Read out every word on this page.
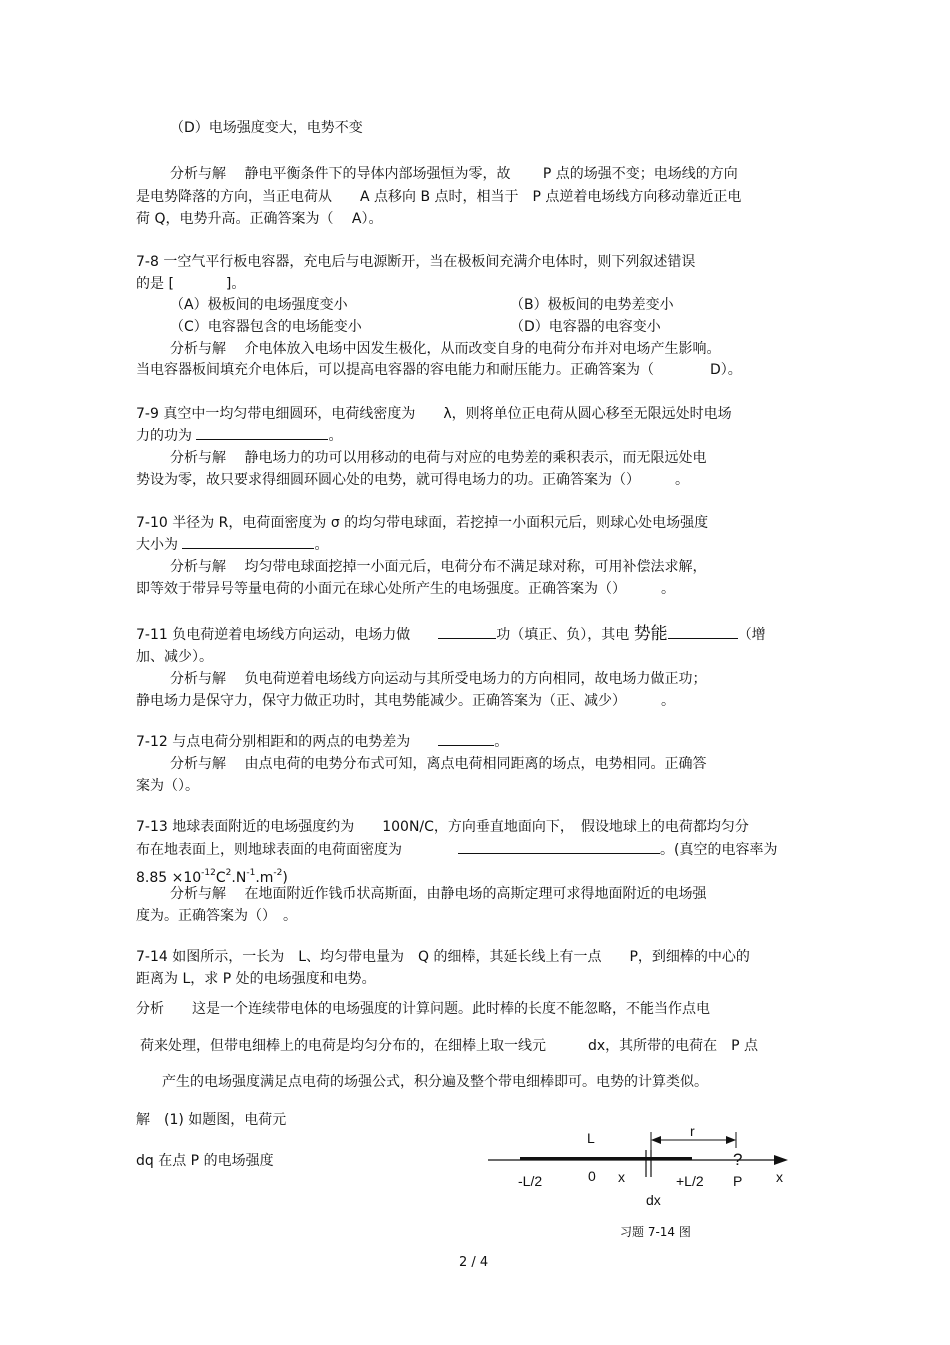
（D）电场强度变大，电势不变
分析与解　 静电平衡条件下的导体内部场强恒为零，故　　 P 点的场强不变；电场线的方向
是电势降落的方向，当正电荷从　　A 点移向 B 点时，相当于　P 点逆着电场线方向移动靠近正电
荷 Q，电势升高。正确答案为（　 A）。
7-8 一空气平行板电容器，充电后与电源断开，当在极板间充满介电体时，则下列叙述错误
的是 [	]。
（A）极板间的电场强度变小	（B）极板间的电势差变小
（C）电容器包含的电场能变小	（D）电容器的电容变小
分析与解　 介电体放入电场中因发生极化，从而改变自身的电荷分布并对电场产生影响。
当电容器板间填充介电体后，可以提高电容器的容电能力和耐压能力。正确答案为（　　　　D）。
7-9 真空中一均匀带电细圆环，电荷线密度为　　λ，则将单位正电荷从圆心移至无限远处时电场
力的功为	。
分析与解　 静电场力的功可以用移动的电荷与对应的电势差的乘积表示，而无限远处电
势设为零，故只要求得细圆环圆心处的电势，就可得电场力的功。正确答案为（）　　　。
7-10 半径为 R，电荷面密度为 σ 的均匀带电球面，若挖掉一小面积元后，则球心处电场强度
大小为	。
分析与解　 均匀带电球面挖掉一小面元后，电荷分布不满足球对称，可用补偿法求解，
即等效于带异号等量电荷的小面元在球心处所产生的电场强度。正确答案为（）　　　。
7-11 负电荷逆着电场线方向运动，电场力做　　	功（填正、负），其电 势能	（增
加、减少）。
分析与解　 负电荷逆着电场线方向运动与其所受电场力的方向相同，故电场力做正功；
静电场力是保守力，保守力做正功时，其电势能减少。正确答案为（正、减少）　　　。
7-12 与点电荷分别相距和的两点的电势差为　　	。
分析与解　 由点电荷的电势分布式可知，离点电荷相同距离的场点，电势相同。正确答
案为（）。
7-13 地球表面附近的电场强度约为　　100N/C，方向垂直地面向下，　假设地球上的电荷都均匀分
布在地表面上，则地球表面的电荷面密度为　　　　	。(真空的电容率为
$8.85 \times 10^{-12}C^2.N^{-1}.m^{-2}$)
分析与解　 在地面附近作钱币状高斯面，由静电场的高斯定理可求得地面附近的电场强
度为。正确答案为（）　。
7-14 如图所示，一长为　L、均匀带电量为　Q 的细棒，其延长线上有一点　　P，到细棒的中心的
距离为 L，求 P 处的电场强度和电势。
分析　　这是一个连续带电体的电场强度的计算问题。此时棒的长度不能忽略，不能当作点电
荷来处理，但带电细棒上的电荷是均匀分布的，在细棒上取一线元　　　dx，其所带的电荷在　P 点
产生的电场强度满足点电荷的场强公式，积分遍及整个带电细棒即可。电势的计算类似。
解　(1) 如题图，电荷元
dq 在点 P 的电场强度
L	r
?
-L/2	0 x	+L/2 P x
dx
习题 7-14 图
2 / 4
